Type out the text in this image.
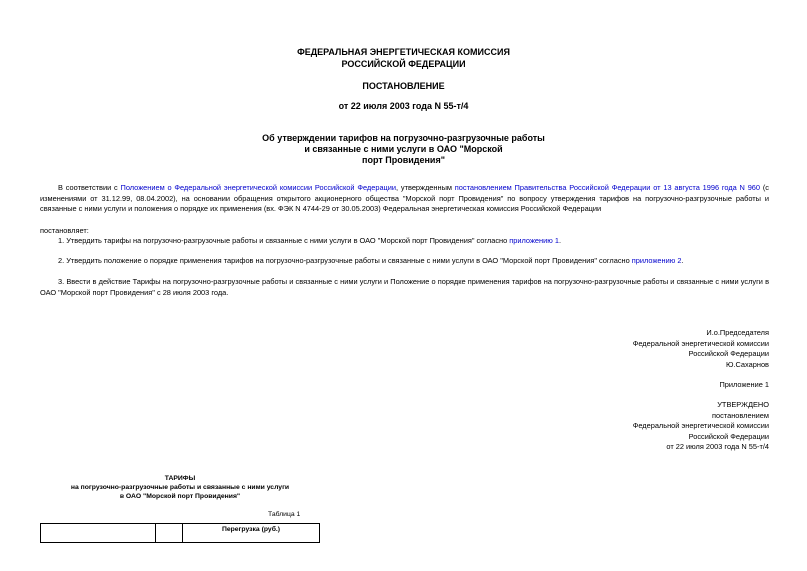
ФЕДЕРАЛЬНАЯ ЭНЕРГЕТИЧЕСКАЯ КОМИССИЯ
РОССИЙСКОЙ ФЕДЕРАЦИИ
ПОСТАНОВЛЕНИЕ
от 22 июля 2003 года N 55-т/4
Об утверждении тарифов на погрузочно-разгрузочные работы
и связанные с ними услуги в ОАО "Морской
порт Провидения"

В соответствии с Положением о Федеральной энергетической комиссии Российской Федерации, утвержденным постановлением Правительства Российской Федерации от 13 августа 1996 года N 960 (с изменениями от 31.12.99, 08.04.2002), на основании обращения открытого акционерного общества "Морской порт Провидения" по вопросу утверждения тарифов на погрузочно-разгрузочные работы и связанные с ними услуги и положения о порядке их применения (вх. ФЭК N 4744-29 от 30.05.2003) Федеральная энергетическая комиссия Российской Федерации

постановляет:

1. Утвердить тарифы на погрузочно-разгрузочные работы и связанные с ними услуги в ОАО "Морской порт Провидения" согласно приложению 1.

2. Утвердить положение о порядке применения тарифов на погрузочно-разгрузочные работы и связанные с ними услуги в ОАО "Морской порт Провидения" согласно приложению 2.

3. Ввести в действие Тарифы на погрузочно-разгрузочные работы и связанные с ними услуги и Положение о порядке применения тарифов на погрузочно-разгрузочные работы и связанные с ними услуги в ОАО "Морской порт Провидения" с 28 июля 2003 года.

И.о.Председателя
Федеральной энергетической комиссии
Российской Федерации
Ю.Сахарнов
Приложение 1
УТВЕРЖДЕНО
постановлением
Федеральной энергетической комиссии
Российской Федерации
от 22 июля 2003 года N 55-т/4
ТАРИФЫ
на погрузочно-разгрузочные работы и связанные с ними услуги
в ОАО "Морской порт Провидения"
Таблица 1
		Перегрузка (руб.)	
